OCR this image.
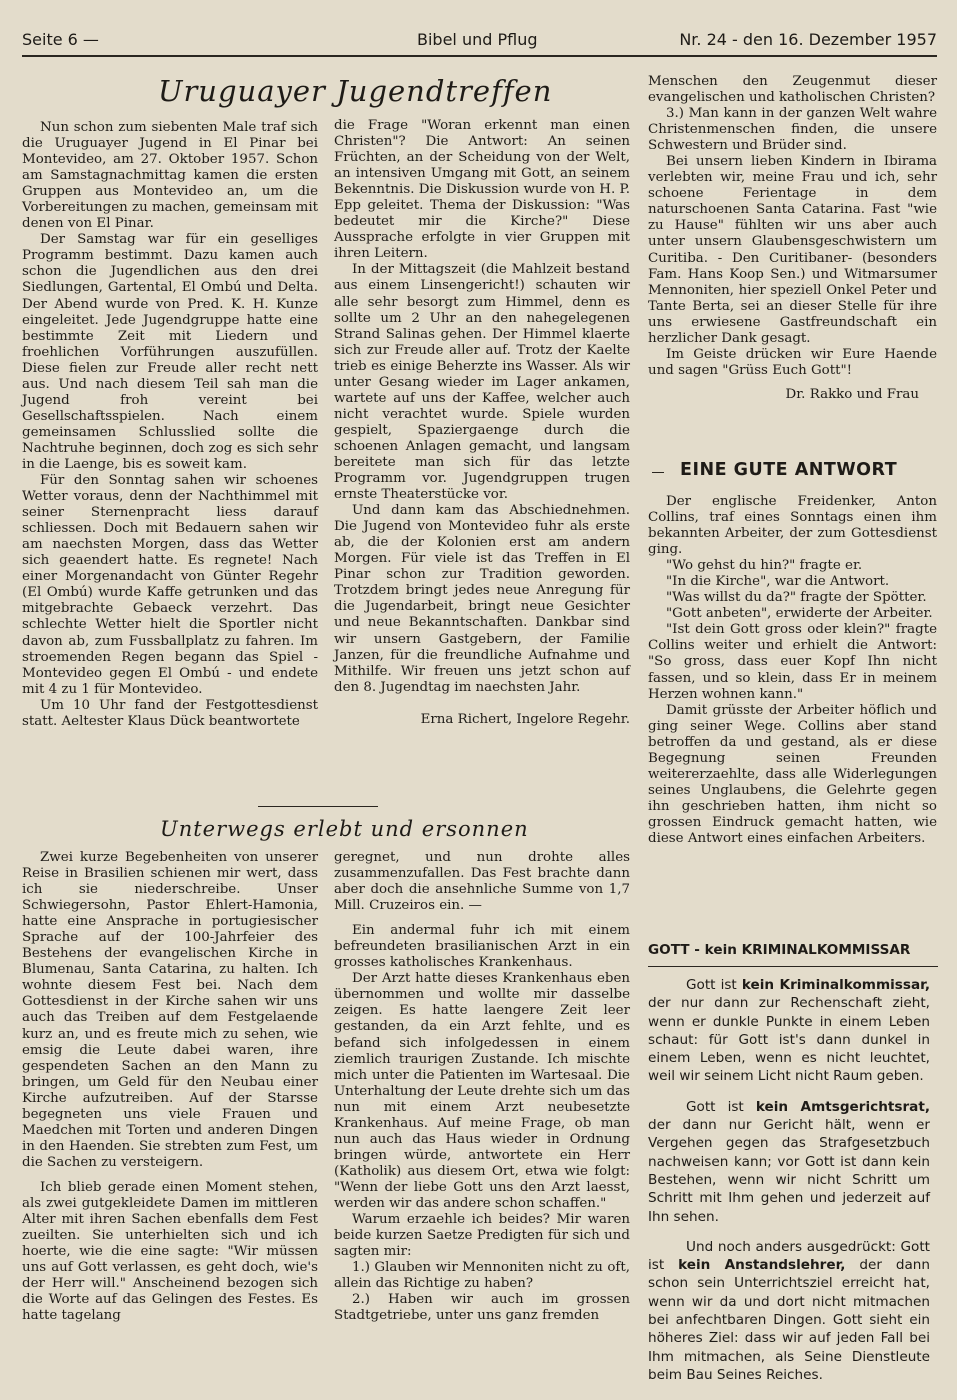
Seite 6 —	Bibel und Pflug	Nr. 24 - den 16. Dezember 1957
Uruguayer Jugendtreffen

Nun schon zum siebenten Male traf sich die Uruguayer Jugend in El Pinar bei Montevideo, am 27. Oktober 1957. Schon am Samstagnachmittag kamen die ersten Gruppen aus Montevideo an, um die Vorbereitungen zu machen, gemeinsam mit denen von El Pinar.

Der Samstag war für ein geselliges Programm bestimmt. Dazu kamen auch schon die Jugendlichen aus den drei Siedlungen, Gartental, El Ombú und Delta. Der Abend wurde von Pred. K. H. Kunze eingeleitet. Jede Jugendgruppe hatte eine bestimmte Zeit mit Liedern und froehlichen Vorführungen auszufüllen. Diese fielen zur Freude aller recht nett aus. Und nach diesem Teil sah man die Jugend froh vereint bei Gesellschaftsspielen. Nach einem gemeinsamen Schlusslied sollte die Nachtruhe beginnen, doch zog es sich sehr in die Laenge, bis es soweit kam.

Für den Sonntag sahen wir schoenes Wetter voraus, denn der Nachthimmel mit seiner Sternenpracht liess darauf schliessen. Doch mit Bedauern sahen wir am naechsten Morgen, dass das Wetter sich geaendert hatte. Es regnete! Nach einer Morgenandacht von Günter Regehr (El Ombú) wurde Kaffe getrunken und das mitgebrachte Gebaeck verzehrt. Das schlechte Wetter hielt die Sportler nicht davon ab, zum Fussballplatz zu fahren. Im stroemenden Regen begann das Spiel - Montevideo gegen El Ombú - und endete mit 4 zu 1 für Montevideo.

Um 10 Uhr fand der Festgottesdienst statt. Aeltester Klaus Dück beantwortete

die Frage "Woran erkennt man einen Christen"? Die Antwort: An seinen Früchten, an der Scheidung von der Welt, an intensiven Umgang mit Gott, an seinem Bekenntnis. Die Diskussion wurde von H. P. Epp geleitet. Thema der Diskussion: "Was bedeutet mir die Kirche?" Diese Aussprache erfolgte in vier Gruppen mit ihren Leitern.

In der Mittagszeit (die Mahlzeit bestand aus einem Linsengericht!) schauten wir alle sehr besorgt zum Himmel, denn es sollte um 2 Uhr an den nahegelegenen Strand Salinas gehen. Der Himmel klaerte sich zur Freude aller auf. Trotz der Kaelte trieb es einige Beherzte ins Wasser. Als wir unter Gesang wieder im Lager ankamen, wartete auf uns der Kaffee, welcher auch nicht verachtet wurde. Spiele wurden gespielt, Spaziergaenge durch die schoenen Anlagen gemacht, und langsam bereitete man sich für das letzte Programm vor. Jugendgruppen trugen ernste Theaterstücke vor.

Und dann kam das Abschiednehmen. Die Jugend von Montevideo fuhr als erste ab, die der Kolonien erst am andern Morgen. Für viele ist das Treffen in El Pinar schon zur Tradition geworden. Trotzdem bringt jedes neue Anregung für die Jugendarbeit, bringt neue Gesichter und neue Bekanntschaften. Dankbar sind wir unsern Gastgebern, der Familie Janzen, für die freundliche Aufnahme und Mithilfe. Wir freuen uns jetzt schon auf den 8. Jugendtag im naechsten Jahr.

Erna Richert, Ingelore Regehr.

Unterwegs erlebt und ersonnen

Zwei kurze Begebenheiten von unserer Reise in Brasilien schienen mir wert, dass ich sie niederschreibe. Unser Schwiegersohn, Pastor Ehlert-Hamonia, hatte eine Ansprache in portugiesischer Sprache auf der 100-Jahrfeier des Bestehens der evangelischen Kirche in Blumenau, Santa Catarina, zu halten. Ich wohnte diesem Fest bei. Nach dem Gottesdienst in der Kirche sahen wir uns auch das Treiben auf dem Festgelaende kurz an, und es freute mich zu sehen, wie emsig die Leute dabei waren, ihre gespendeten Sachen an den Mann zu bringen, um Geld für den Neubau einer Kirche aufzutreiben. Auf der Starsse begegneten uns viele Frauen und Maedchen mit Torten und anderen Dingen in den Haenden. Sie strebten zum Fest, um die Sachen zu versteigern.

Ich blieb gerade einen Moment stehen, als zwei gutgekleidete Damen im mittleren Alter mit ihren Sachen ebenfalls dem Fest zueilten. Sie unterhielten sich und ich hoerte, wie die eine sagte: "Wir müssen uns auf Gott verlassen, es geht doch, wie's der Herr will." Anscheinend bezogen sich die Worte auf das Gelingen des Festes. Es hatte tagelang

geregnet, und nun drohte alles zusammenzufallen. Das Fest brachte dann aber doch die ansehnliche Summe von 1,7 Mill. Cruzeiros ein. —

Ein andermal fuhr ich mit einem befreundeten brasilianischen Arzt in ein grosses katholisches Krankenhaus.

Der Arzt hatte dieses Krankenhaus eben übernommen und wollte mir dasselbe zeigen. Es hatte laengere Zeit leer gestanden, da ein Arzt fehlte, und es befand sich infolgedessen in einem ziemlich traurigen Zustande. Ich mischte mich unter die Patienten im Wartesaal. Die Unterhaltung der Leute drehte sich um das nun mit einem Arzt neubesetzte Krankenhaus. Auf meine Frage, ob man nun auch das Haus wieder in Ordnung bringen würde, antwortete ein Herr (Katholik) aus diesem Ort, etwa wie folgt: "Wenn der liebe Gott uns den Arzt laesst, werden wir das andere schon schaffen."

Warum erzaehle ich beides? Mir waren beide kurzen Saetze Predigten für sich und sagten mir:

1.) Glauben wir Mennoniten nicht zu oft, allein das Richtige zu haben?

2.) Haben wir auch im grossen Stadtgetriebe, unter uns ganz fremden

Menschen den Zeugenmut dieser evangelischen und katholischen Christen?

3.) Man kann in der ganzen Welt wahre Christenmenschen finden, die unsere Schwestern und Brüder sind.

Bei unsern lieben Kindern in Ibirama verlebten wir, meine Frau und ich, sehr schoene Ferientage in dem naturschoenen Santa Catarina. Fast "wie zu Hause" fühlten wir uns aber auch unter unsern Glaubensgeschwistern um Curitiba. - Den Curitibaner- (besonders Fam. Hans Koop Sen.) und Witmarsumer Mennoniten, hier speziell Onkel Peter und Tante Berta, sei an dieser Stelle für ihre uns erwiesene Gastfreundschaft ein herzlicher Dank gesagt.

Im Geiste drücken wir Eure Haende und sagen "Grüss Euch Gott"!

Dr. Rakko und Frau

EINE GUTE ANTWORT

Der englische Freidenker, Anton Collins, traf eines Sonntags einen ihm bekannten Arbeiter, der zum Gottesdienst ging.

"Wo gehst du hin?" fragte er.

"In die Kirche", war die Antwort.

"Was willst du da?" fragte der Spötter.

"Gott anbeten", erwiderte der Arbeiter.

"Ist dein Gott gross oder klein?" fragte Collins weiter und erhielt die Antwort: "So gross, dass euer Kopf Ihn nicht fassen, und so klein, dass Er in meinem Herzen wohnen kann."

Damit grüsste der Arbeiter höflich und ging seiner Wege. Collins aber stand betroffen da und gestand, als er diese Begegnung seinen Freunden weitererzaehlte, dass alle Widerlegungen seines Unglaubens, die Gelehrte gegen ihn geschrieben hatten, ihm nicht so grossen Eindruck gemacht hatten, wie diese Antwort eines einfachen Arbeiters.

GOTT - kein KRIMINALKOMMISSAR

Gott ist kein Kriminalkommissar, der nur dann zur Rechenschaft zieht, wenn er dunkle Punkte in einem Leben schaut: für Gott ist's dann dunkel in einem Leben, wenn es nicht leuchtet, weil wir seinem Licht nicht Raum geben.

Gott ist kein Amtsgerichtsrat, der dann nur Gericht hält, wenn er Vergehen gegen das Strafgesetzbuch nachweisen kann; vor Gott ist dann kein Bestehen, wenn wir nicht Schritt um Schritt mit Ihm gehen und jederzeit auf Ihn sehen.

Und noch anders ausgedrückt: Gott ist kein Anstandslehrer, der dann schon sein Unterrichtsziel erreicht hat, wenn wir da und dort nicht mitmachen bei anfechtbaren Dingen. Gott sieht ein höheres Ziel: dass wir auf jeden Fall bei Ihm mitmachen, als Seine Dienstleute beim Bau Seines Reiches.
